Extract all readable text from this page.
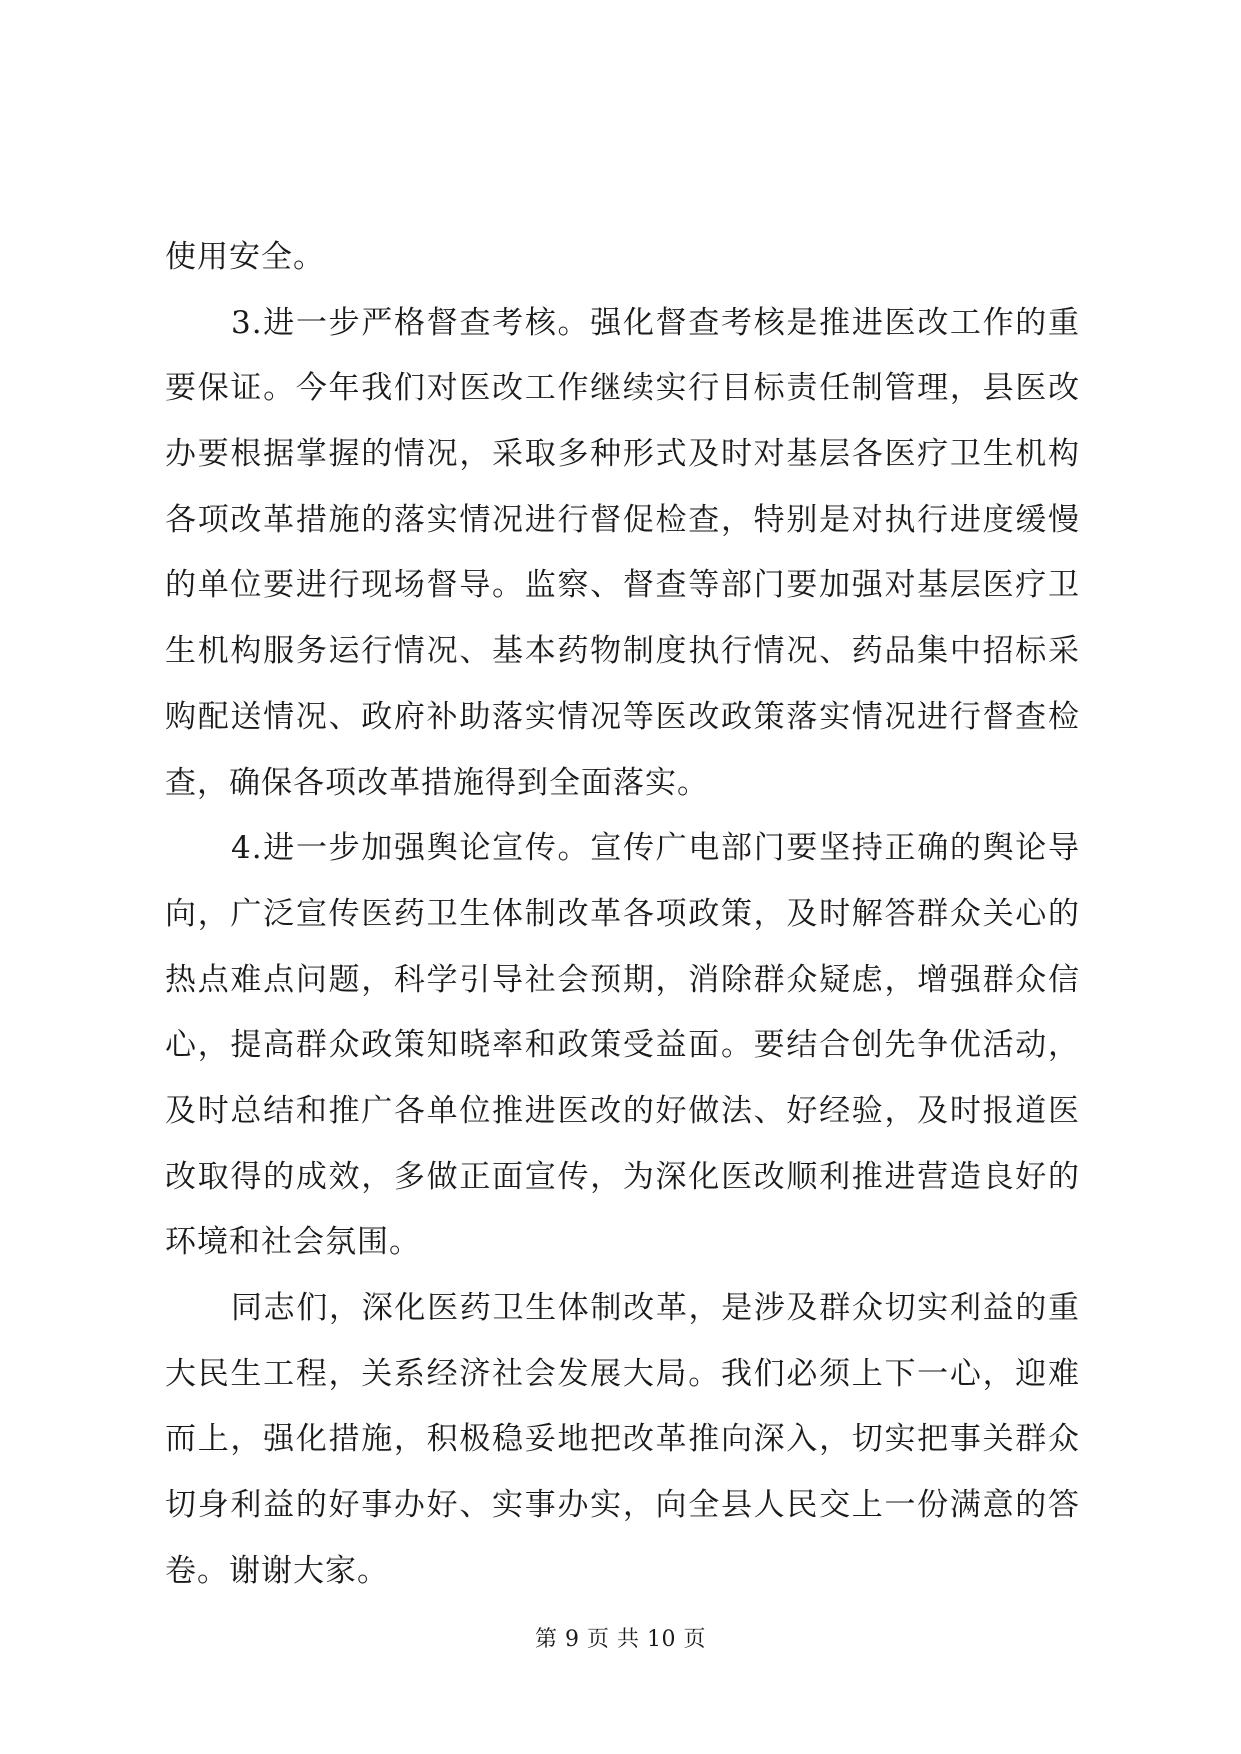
使用安全。
3.进一步严格督查考核。强化督查考核是推进医改工作的重
要保证。今年我们对医改工作继续实行目标责任制管理，县医改
办要根据掌握的情况，采取多种形式及时对基层各医疗卫生机构
各项改革措施的落实情况进行督促检查，特别是对执行进度缓慢
的单位要进行现场督导。监察、督查等部门要加强对基层医疗卫
生机构服务运行情况、基本药物制度执行情况、药品集中招标采
购配送情况、政府补助落实情况等医改政策落实情况进行督查检
查，确保各项改革措施得到全面落实。
4.进一步加强舆论宣传。宣传广电部门要坚持正确的舆论导
向，广泛宣传医药卫生体制改革各项政策，及时解答群众关心的
热点难点问题，科学引导社会预期，消除群众疑虑，增强群众信
心，提高群众政策知晓率和政策受益面。要结合创先争优活动，
及时总结和推广各单位推进医改的好做法、好经验，及时报道医
改取得的成效，多做正面宣传，为深化医改顺利推进营造良好的
环境和社会氛围。
同志们，深化医药卫生体制改革，是涉及群众切实利益的重
大民生工程，关系经济社会发展大局。我们必须上下一心，迎难
而上，强化措施，积极稳妥地把改革推向深入，切实把事关群众
切身利益的好事办好、实事办实，向全县人民交上一份满意的答
卷。谢谢大家。
第 9 页 共 10 页
